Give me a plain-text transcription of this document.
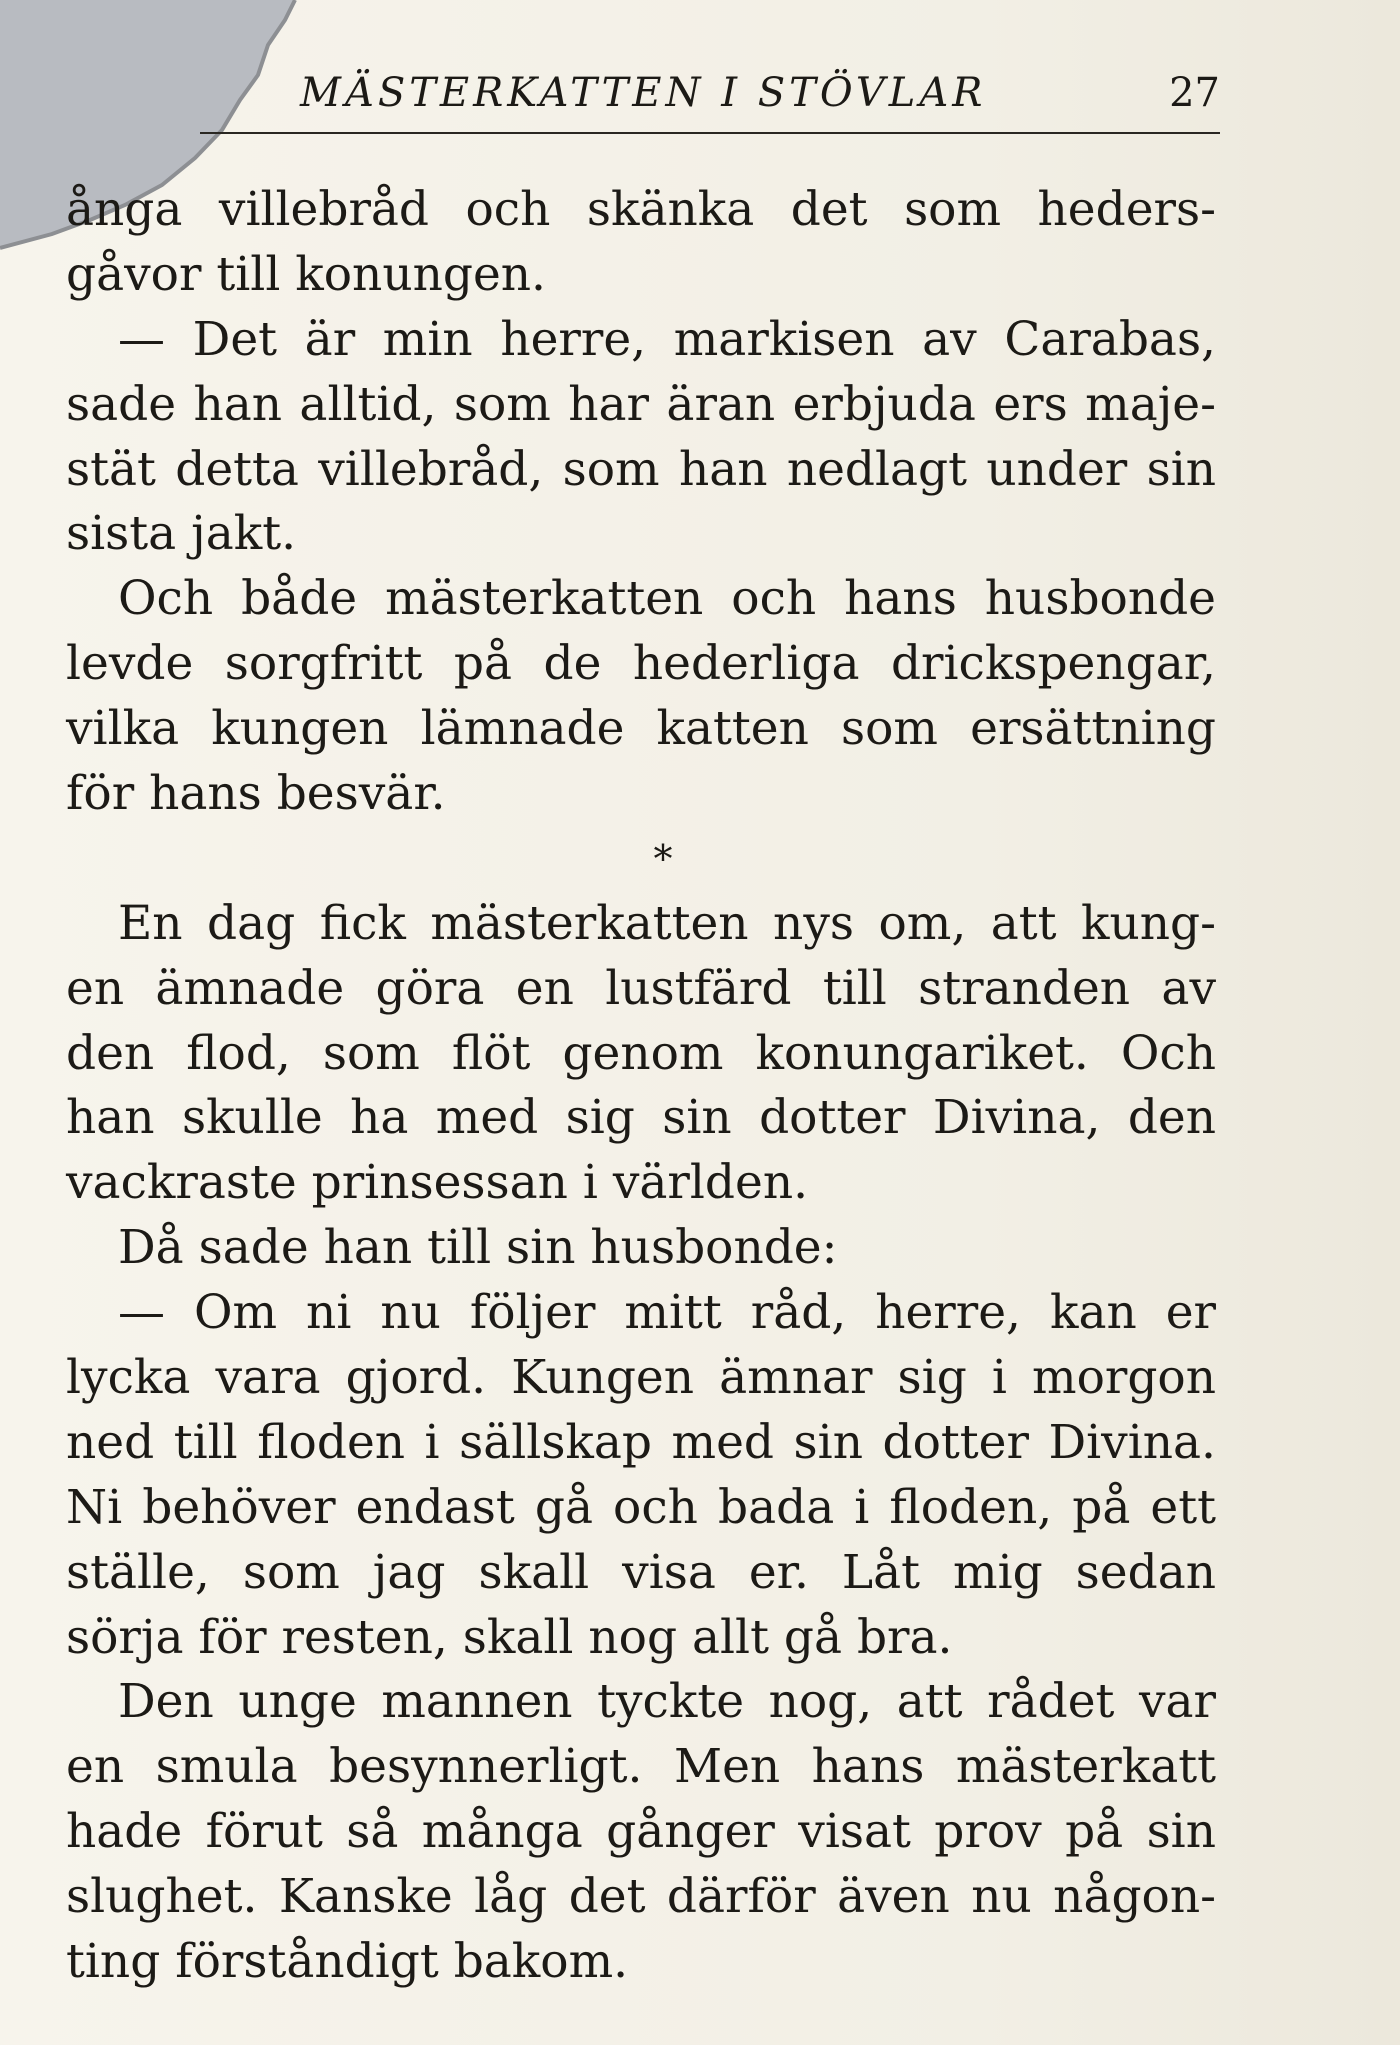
MÄSTERKATTEN I STÖVLAR	27
ånga villebråd och skänka det som heders-
gåvor till konungen.
— Det är min herre, markisen av Carabas,
sade han alltid, som har äran erbjuda ers maje-
stät detta villebråd, som han nedlagt under sin
sista jakt.
Och både mästerkatten och hans husbonde
levde sorgfritt på de hederliga drickspengar,
vilka kungen lämnade katten som ersättning
för hans besvär.
*
En dag fick mästerkatten nys om, att kung-
en ämnade göra en lustfärd till stranden av
den flod, som flöt genom konungariket. Och
han skulle ha med sig sin dotter Divina, den
vackraste prinsessan i världen.
Då sade han till sin husbonde:
— Om ni nu följer mitt råd, herre, kan er
lycka vara gjord. Kungen ämnar sig i morgon
ned till floden i sällskap med sin dotter Divina.
Ni behöver endast gå och bada i floden, på ett
ställe, som jag skall visa er. Låt mig sedan
sörja för resten, skall nog allt gå bra.
Den unge mannen tyckte nog, att rådet var
en smula besynnerligt. Men hans mästerkatt
hade förut så många gånger visat prov på sin
slughet. Kanske låg det därför även nu någon-
ting förståndigt bakom.
